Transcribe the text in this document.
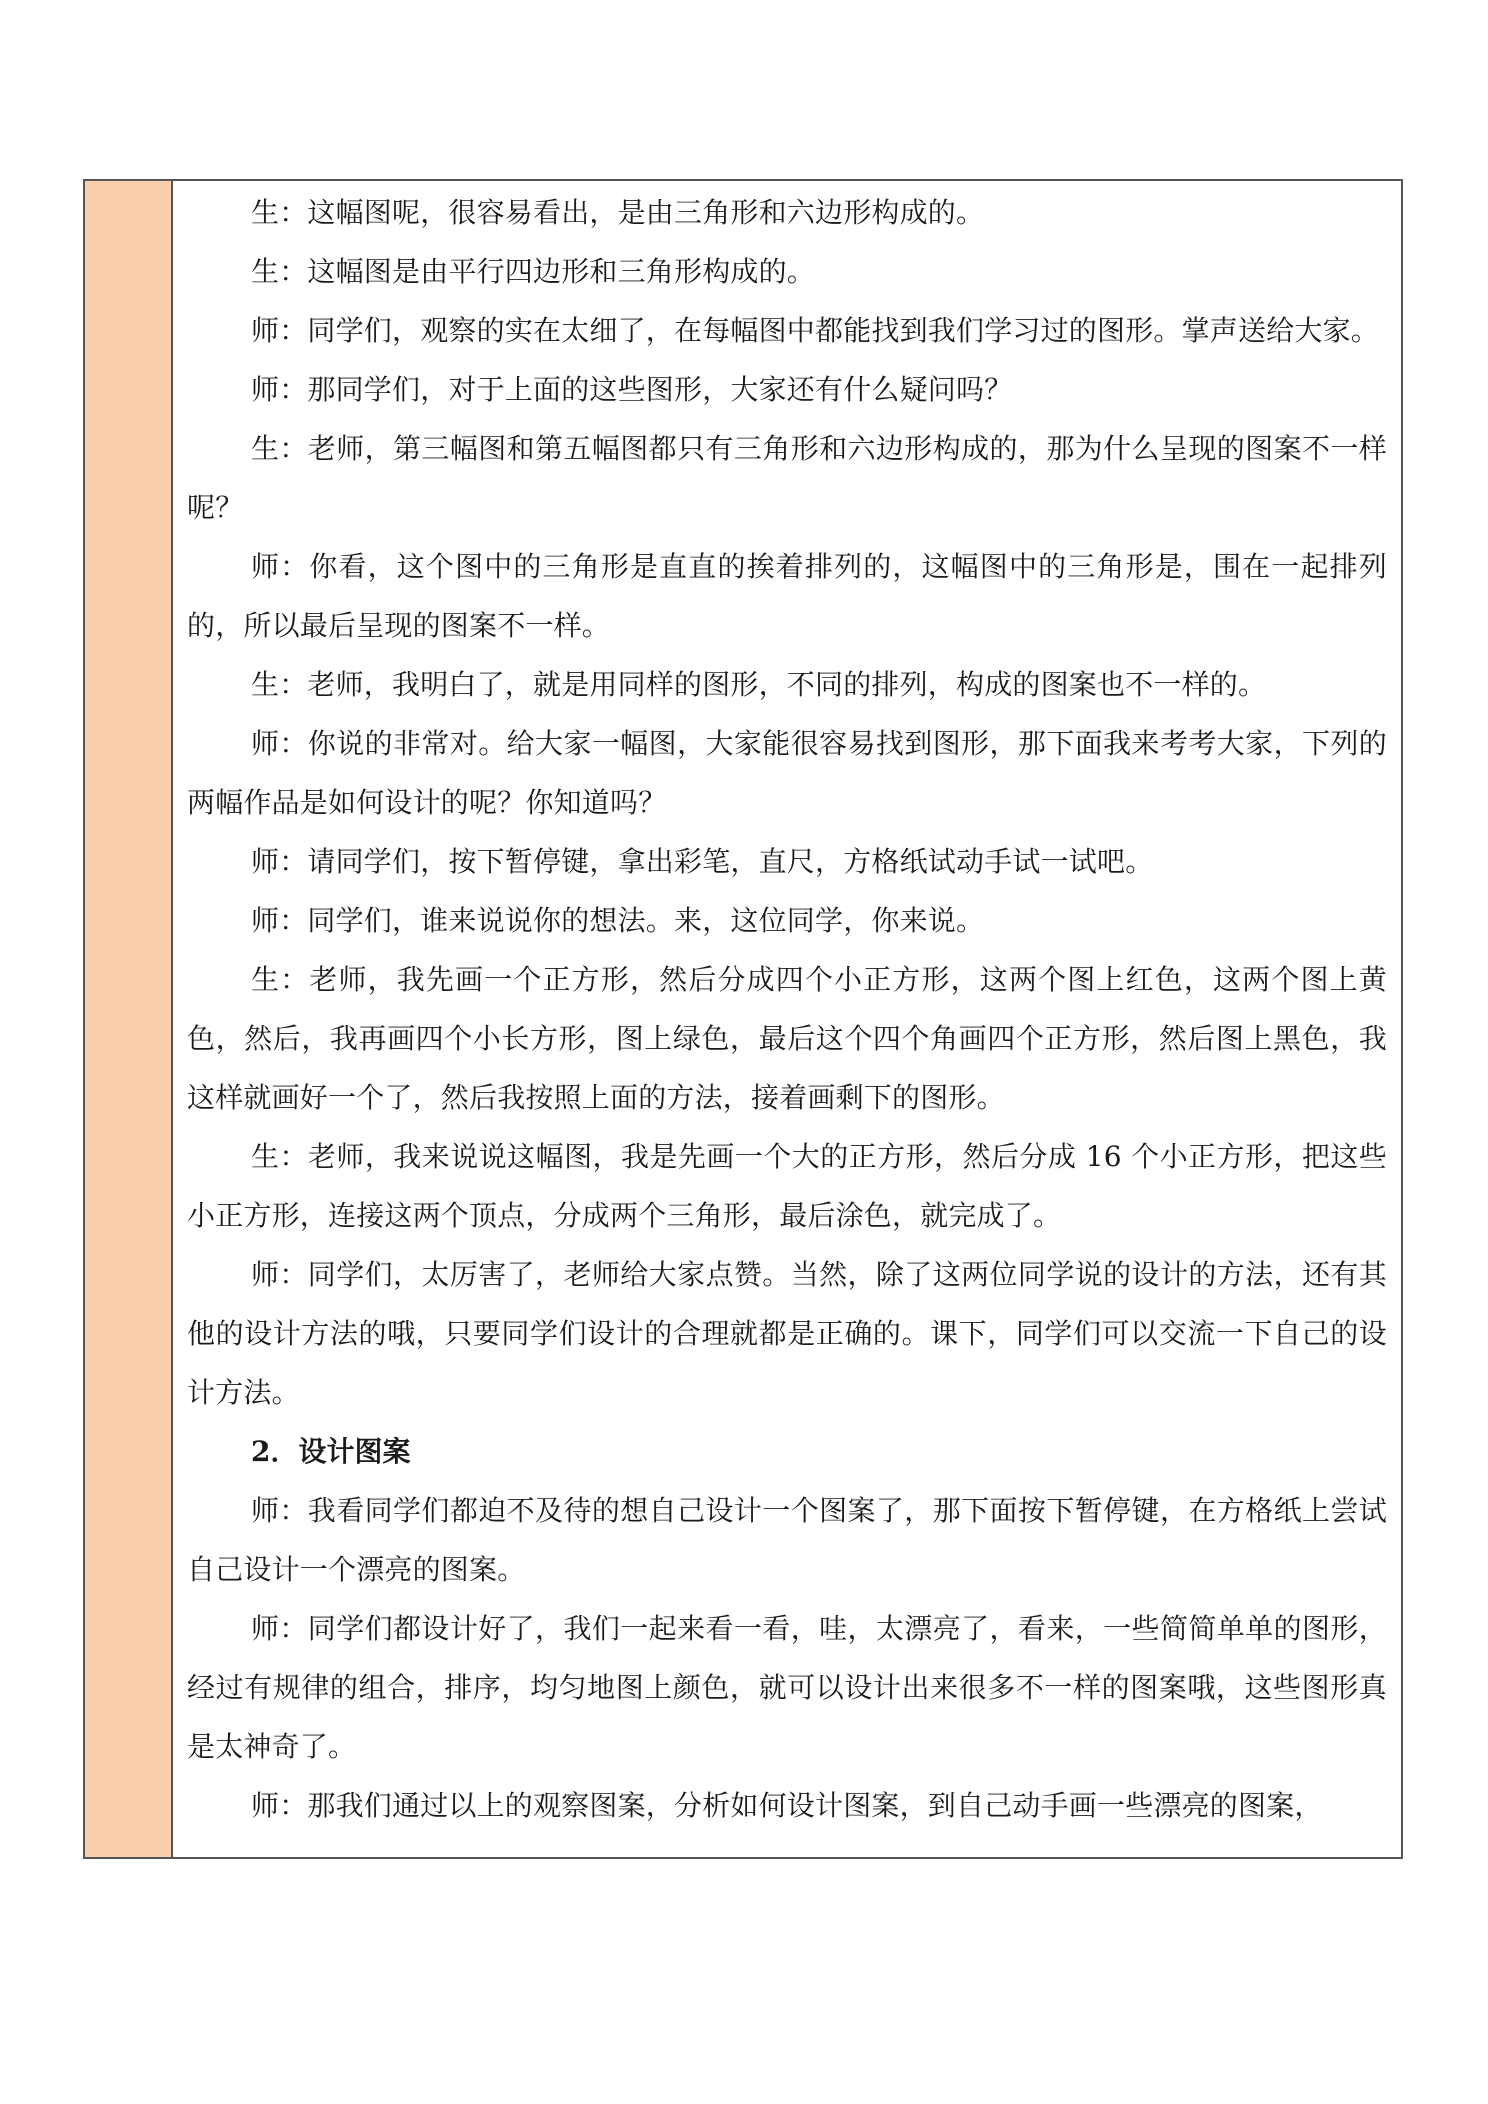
生：这幅图呢，很容易看出，是由三角形和六边形构成的。

生：这幅图是由平行四边形和三角形构成的。

师：同学们，观察的实在太细了，在每幅图中都能找到我们学习过的图形。掌声送给大家。

师：那同学们，对于上面的这些图形，大家还有什么疑问吗？

生：老师，第三幅图和第五幅图都只有三角形和六边形构成的，那为什么呈现的图案不一样呢？

师：你看，这个图中的三角形是直直的挨着排列的，这幅图中的三角形是，围在一起排列的，所以最后呈现的图案不一样。

生：老师，我明白了，就是用同样的图形，不同的排列，构成的图案也不一样的。

师：你说的非常对。给大家一幅图，大家能很容易找到图形，那下面我来考考大家，下列的两幅作品是如何设计的呢？你知道吗？

师：请同学们，按下暂停键，拿出彩笔，直尺，方格纸试动手试一试吧。

师：同学们，谁来说说你的想法。来，这位同学，你来说。

生：老师，我先画一个正方形，然后分成四个小正方形，这两个图上红色，这两个图上黄色，然后，我再画四个小长方形，图上绿色，最后这个四个角画四个正方形，然后图上黑色，我这样就画好一个了，然后我按照上面的方法，接着画剩下的图形。

生：老师，我来说说这幅图，我是先画一个大的正方形，然后分成 16 个小正方形，把这些小正方形，连接这两个顶点，分成两个三角形，最后涂色，就完成了。

师：同学们，太厉害了，老师给大家点赞。当然，除了这两位同学说的设计的方法，还有其他的设计方法的哦，只要同学们设计的合理就都是正确的。课下，同学们可以交流一下自己的设计方法。

2．设计图案

师：我看同学们都迫不及待的想自己设计一个图案了，那下面按下暂停键，在方格纸上尝试自己设计一个漂亮的图案。

师：同学们都设计好了，我们一起来看一看，哇，太漂亮了，看来，一些简简单单的图形，经过有规律的组合，排序，均匀地图上颜色，就可以设计出来很多不一样的图案哦，这些图形真是太神奇了。

师：那我们通过以上的观察图案，分析如何设计图案，到自己动手画一些漂亮的图案，
